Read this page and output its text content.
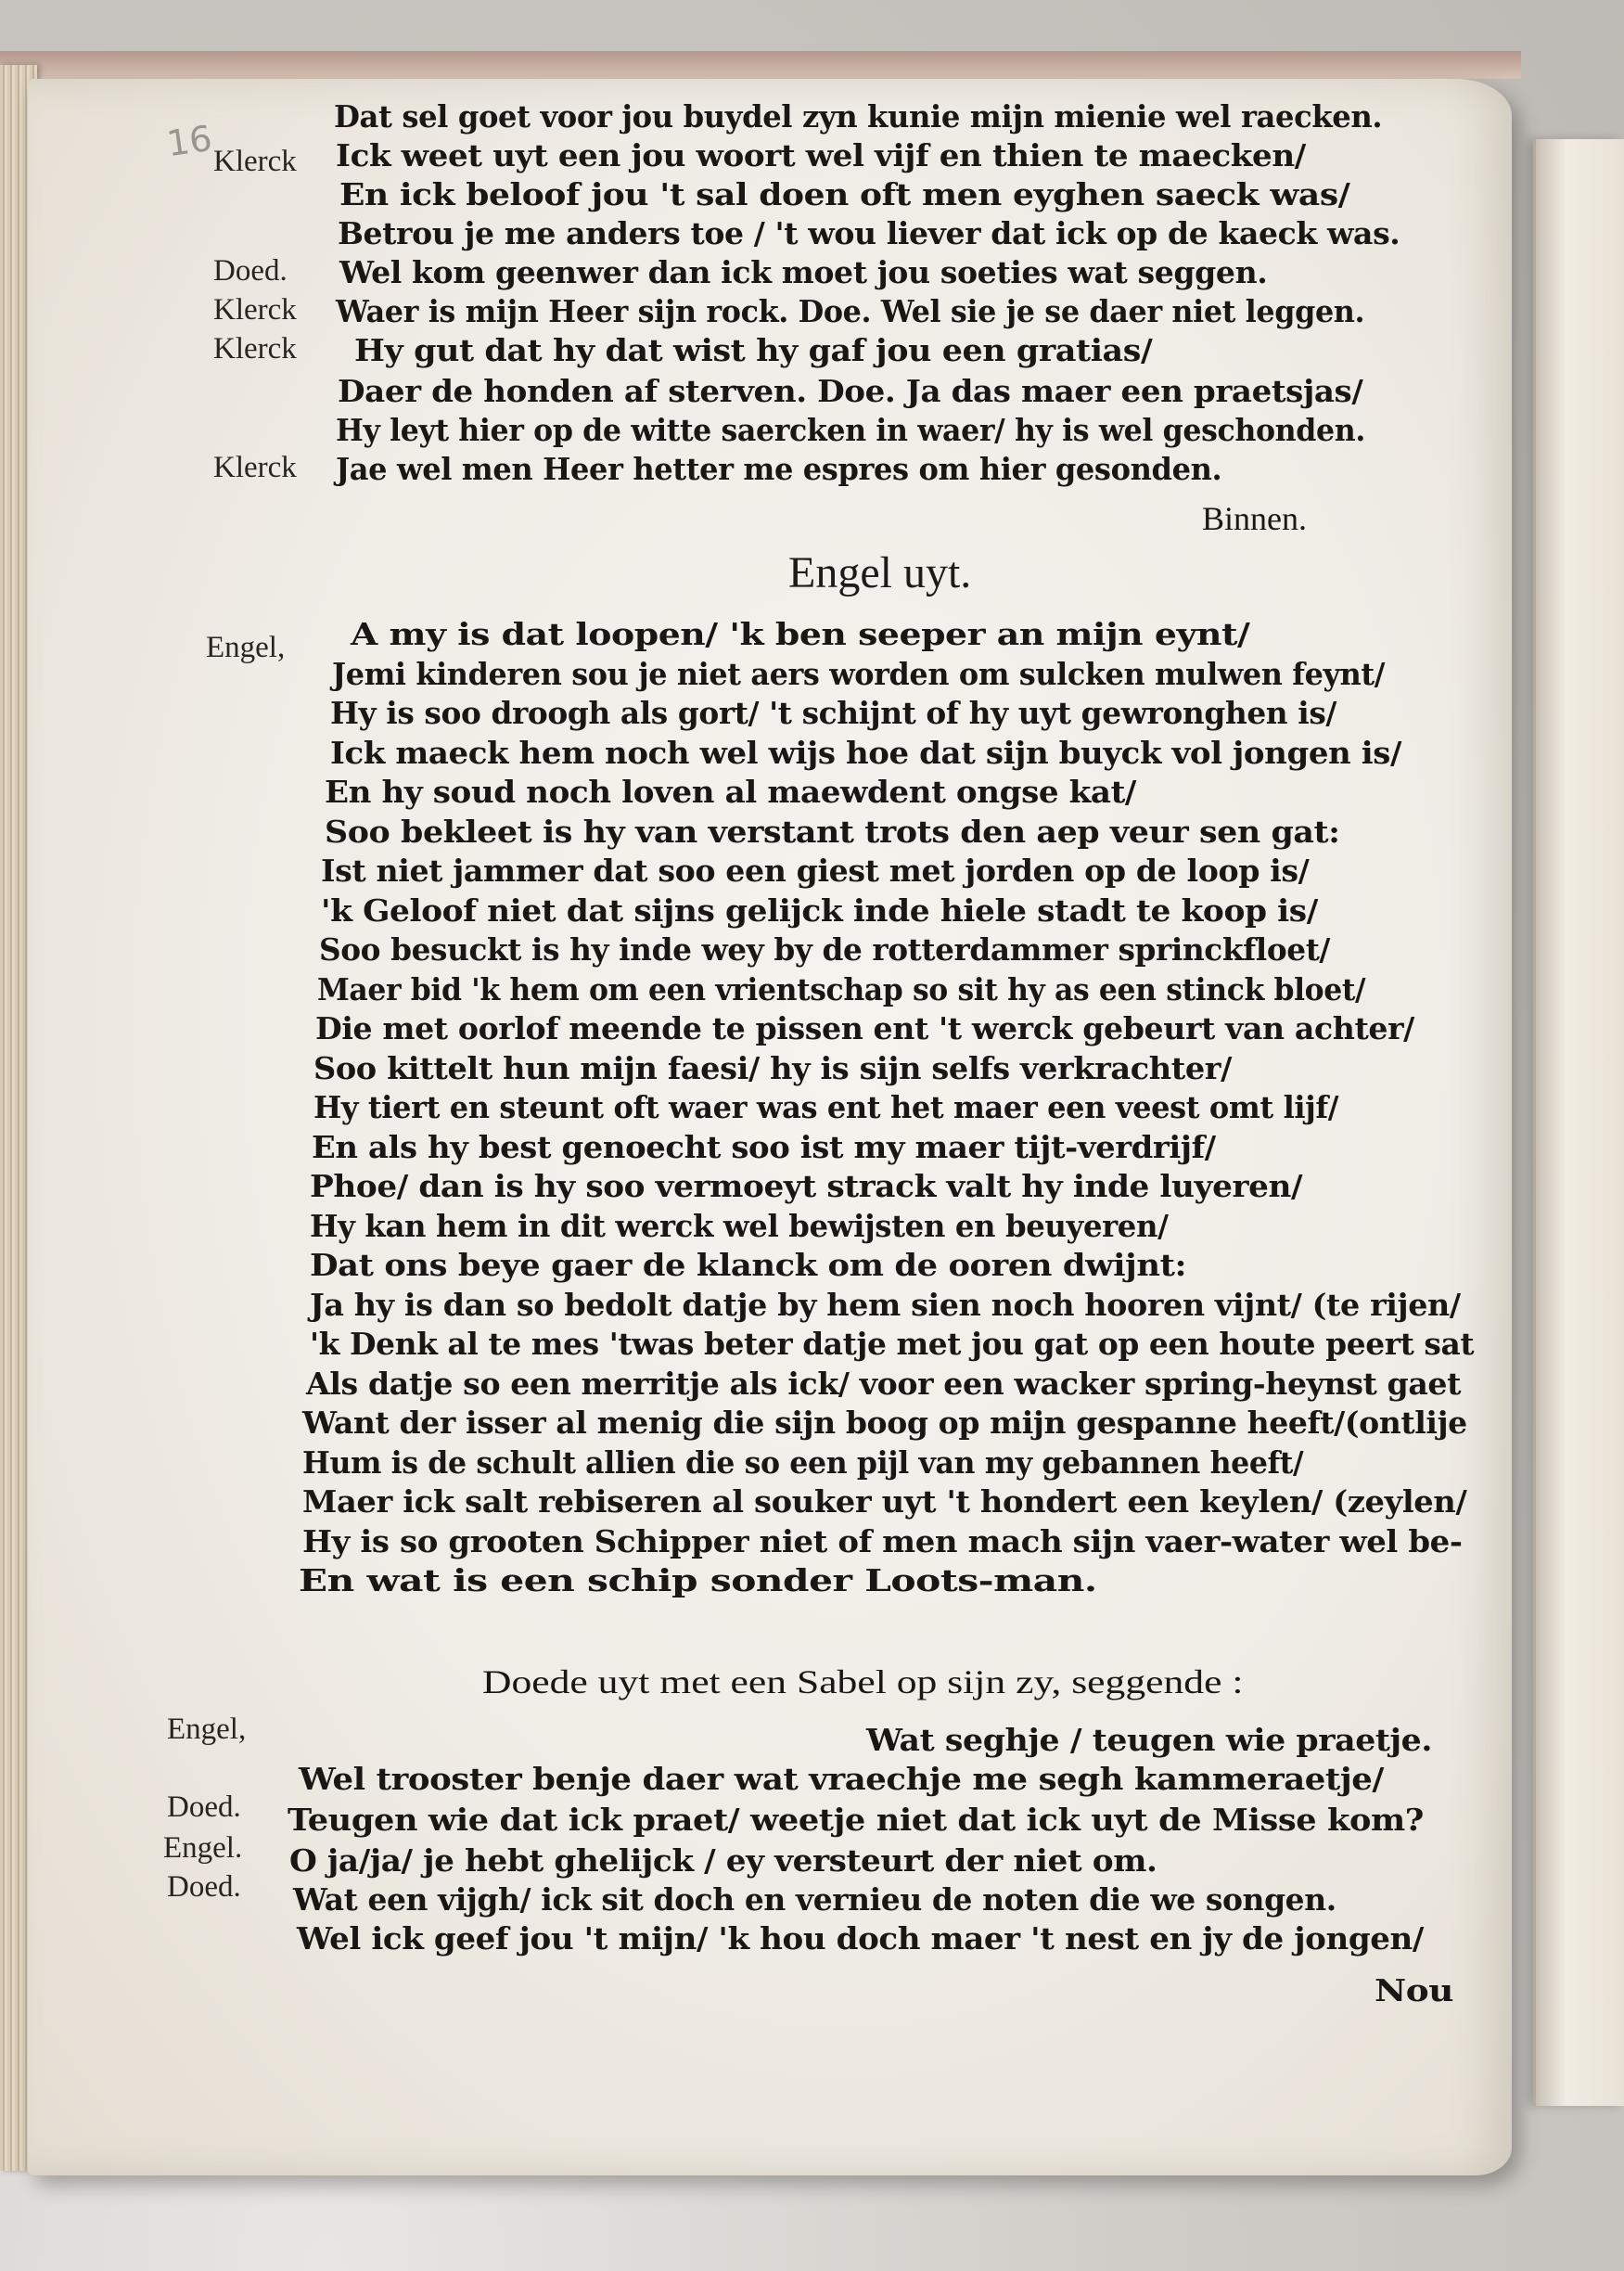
16
Dat sel goet voor jou buydel zyn kunie mijn mienie wel raecken.
Ick weet uyt een jou woort wel vijf en thien te maecken/
Klerck
En ick beloof jou 't sal doen oft men eyghen saeck was/
Betrou je me anders toe / 't wou liever dat ick op de kaeck was.
Wel kom geenwer dan ick moet jou soeties wat seggen.
Doed.
Waer is mijn Heer sijn rock. Doe. Wel sie je se daer niet leggen.
Klerck
Hy gut dat hy dat wist hy gaf jou een gratias/
Klerck
Daer de honden af sterven. Doe. Ja das maer een praetsjas/
Hy leyt hier op de witte saercken in waer/ hy is wel geschonden.
Jae wel men Heer hetter me espres om hier gesonden.
Klerck
Binnen.
Engel uyt.
Engel, A my is dat loopen/ 'k ben seeper an mijn eynt/
Jemi kinderen sou je niet aers worden om sulcken mulwen feynt/
Hy is soo droogh als gort/ 't schijnt of hy uyt gewronghen is/
Ick maeck hem noch wel wijs hoe dat sijn buyck vol jongen is/
En hy soud noch loven al maewdent ongse kat/
Soo bekleet is hy van verstant trots den aep veur sen gat:
Ist niet jammer dat soo een giest met jorden op de loop is/
'k Geloof niet dat sijns gelijck inde hiele stadt te koop is/
Soo besuckt is hy inde wey by de rotterdammer sprinckfloet/
Maer bid 'k hem om een vrientschap so sit hy as een stinck bloet/
Die met oorlof meende te pissen ent 't werck gebeurt van achter/
Soo kittelt hun mijn faesi/ hy is sijn selfs verkrachter/
Hy tiert en steunt oft waer was ent het maer een veest omt lijf/
En als hy best genoecht soo ist my maer tijt-verdrijf/
Phoe/ dan is hy soo vermoeyt strack valt hy inde luyeren/
Hy kan hem in dit werck wel bewijsten en beuyeren/
Dat ons beye gaer de klanck om de ooren dwijnt:
Ja hy is dan so bedolt datje by hem sien noch hooren vijnt/ (te rijen/
'k Denk al te mes 'twas beter datje met jou gat op een houte peert sat
Als datje so een merritje als ick/ voor een wacker spring-heynst gaet
Want der isser al menig die sijn boog op mijn gespanne heeft/(ontlije
Hum is de schult allien die so een pijl van my gebannen heeft/
Maer ick salt rebiseren al souker uyt 't hondert een keylen/ (zeylen/
Hy is so grooten Schipper niet of men mach sijn vaer-water wel be-
En wat is een schip sonder Loots-man.
Doede uyt met een Sabel op sijn zy, seggende :
Wat seghje / teugen wie praetje.
Engel,
Wel trooster benje daer wat vraechje me segh kammeraetje/
Teugen wie dat ick praet/ weetje niet dat ick uyt de Misse kom?
Doed.
O ja/ja/ je hebt ghelijck / ey versteurt der niet om.
Engel.
Wat een vijgh/ ick sit doch en vernieu de noten die we songen.
Doed.
Wel ick geef jou 't mijn/ 'k hou doch maer 't nest en jy de jongen/
Nou
